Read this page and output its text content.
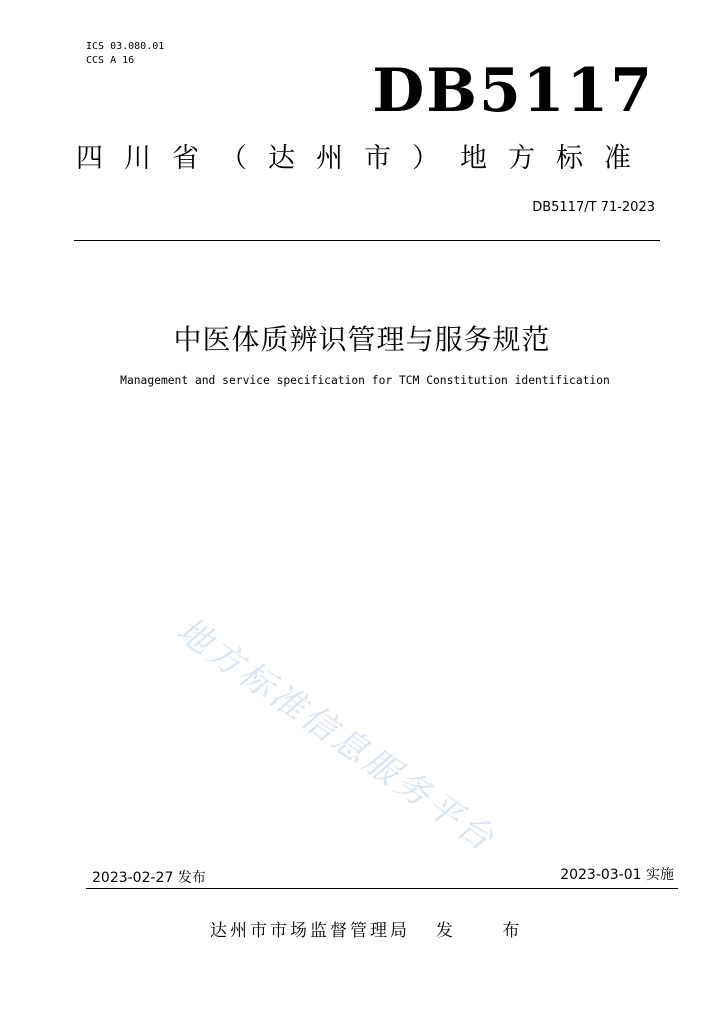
ICS 03.080.01
CCS A 16	DB5117
四川省（达州市）地方标准
DB5117/T 71-2023
中医体质辨识管理与服务规范
Management and service specification for TCM Constitution identification
地方标准信息服务平台
2023-02-27 发布	2023-03-01 实施
达州市市场监督管理局 发 布
